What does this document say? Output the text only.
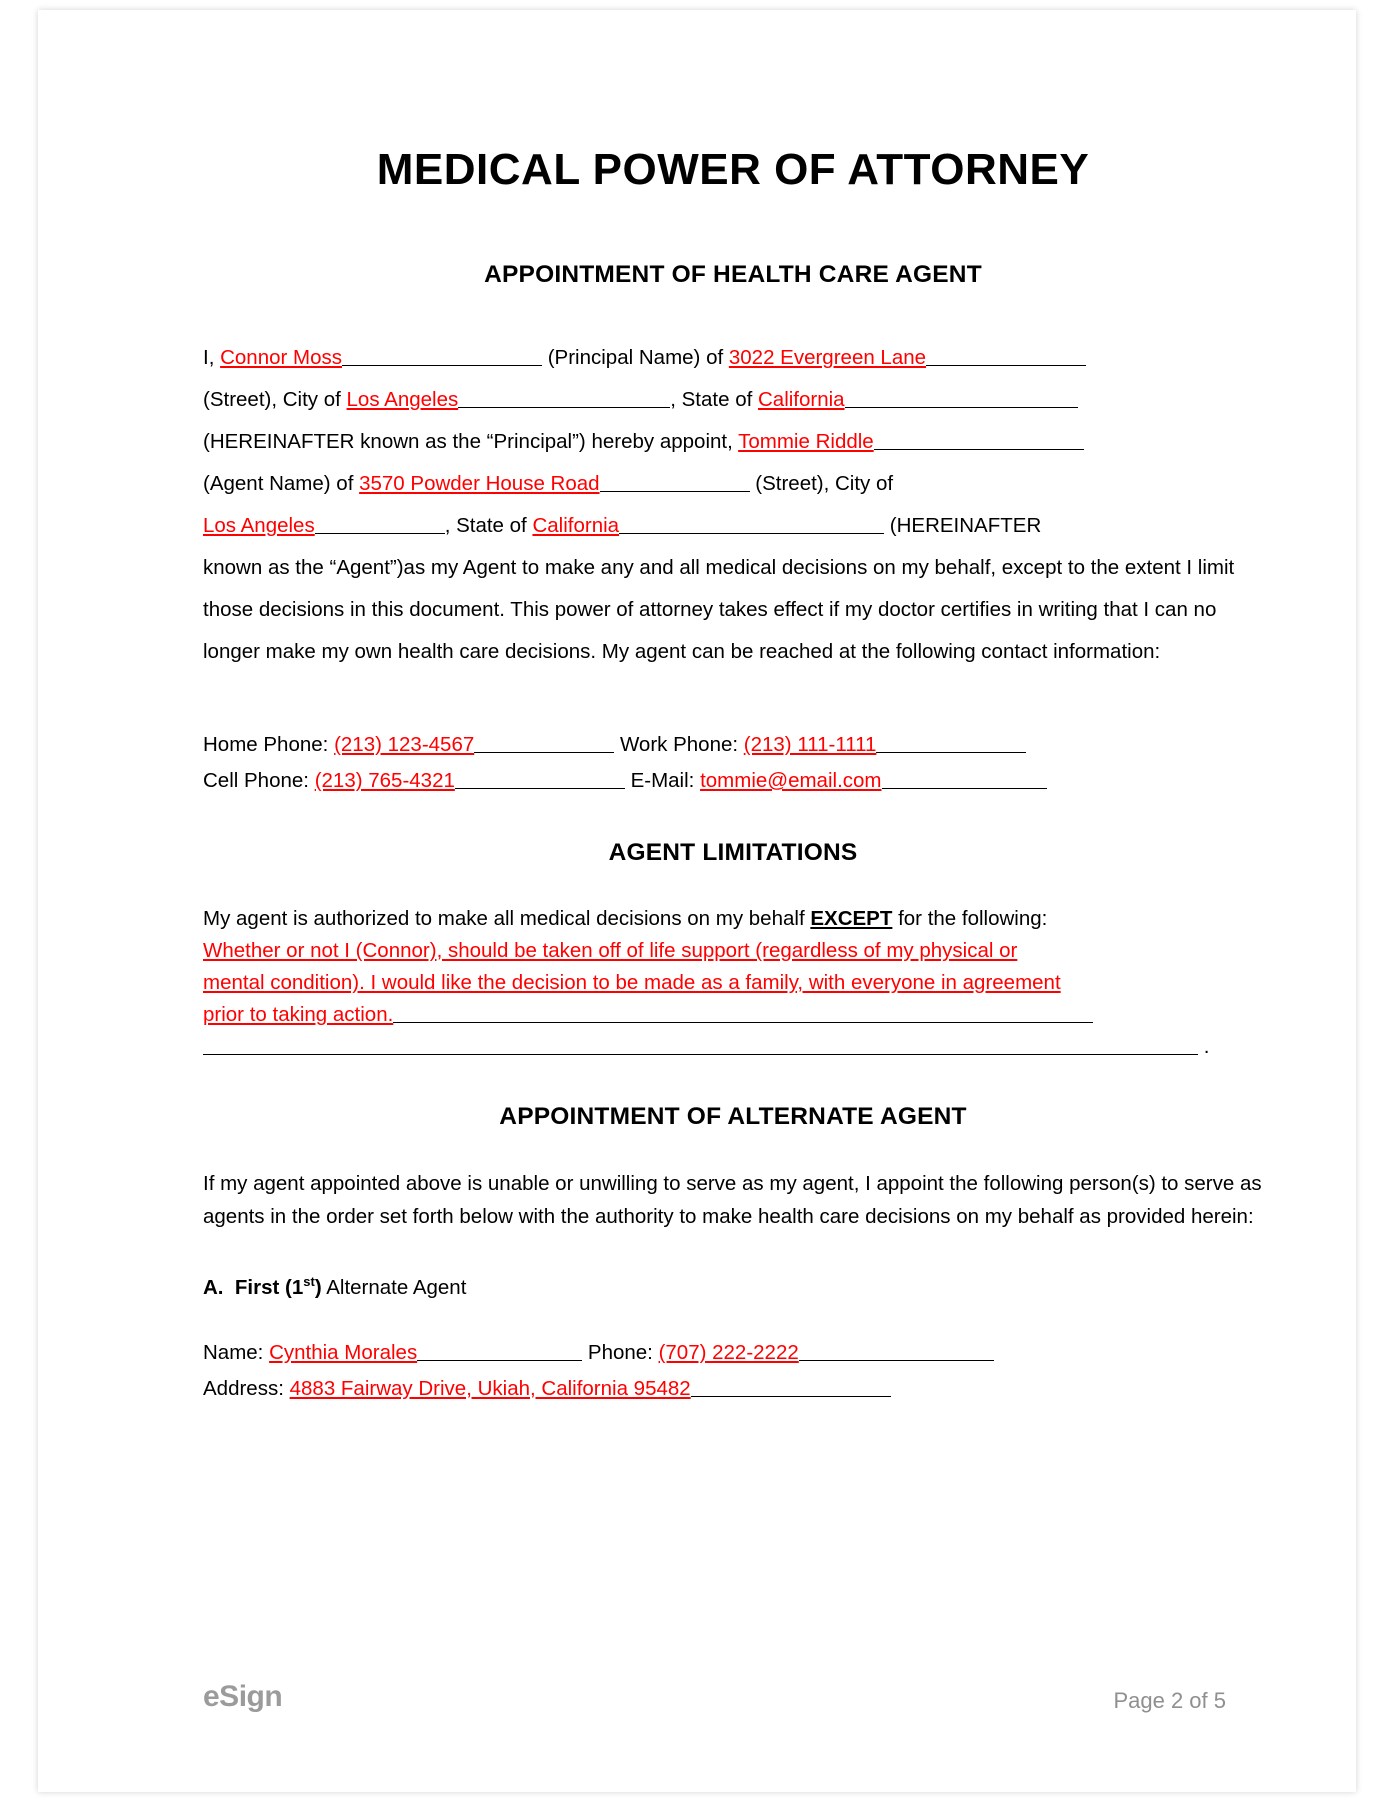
MEDICAL POWER OF ATTORNEY
APPOINTMENT OF HEALTH CARE AGENT
I, Connor Moss	(Principal Name) of 3022 Evergreen Lane
(Street), City of Los Angeles	, State of California
(HEREINAFTER known as the “Principal”) hereby appoint, Tommie Riddle
(Agent Name) of 3570 Powder House Road	(Street), City of
Los Angeles	, State of California	(HEREINAFTER
known as the “Agent”)as my Agent to make any and all medical decisions on my behalf, except to the extent I limit those decisions in this document. This power of attorney takes effect if my doctor certifies in writing that I can no longer make my own health care decisions. My agent can be reached at the following contact information:
Home Phone: (213) 123-4567	Work Phone: (213) 111-1111
Cell Phone: (213) 765-4321	E-Mail: tommie@email.com
AGENT LIMITATIONS
My agent is authorized to make all medical decisions on my behalf EXCEPT for the following:
Whether or not I (Connor), should be taken off of life support (regardless of my physical or
mental condition). I would like the decision to be made as a family, with everyone in agreement
prior to taking action.
.
APPOINTMENT OF ALTERNATE AGENT
If my agent appointed above is unable or unwilling to serve as my agent, I appoint the following person(s) to serve as agents in the order set forth below with the authority to make health care decisions on my behalf as provided herein:
A. First (1st) Alternate Agent
Name: Cynthia Morales	Phone: (707) 222-2222
Address: 4883 Fairway Drive, Ukiah, California 95482
eSign	Page 2 of 5
